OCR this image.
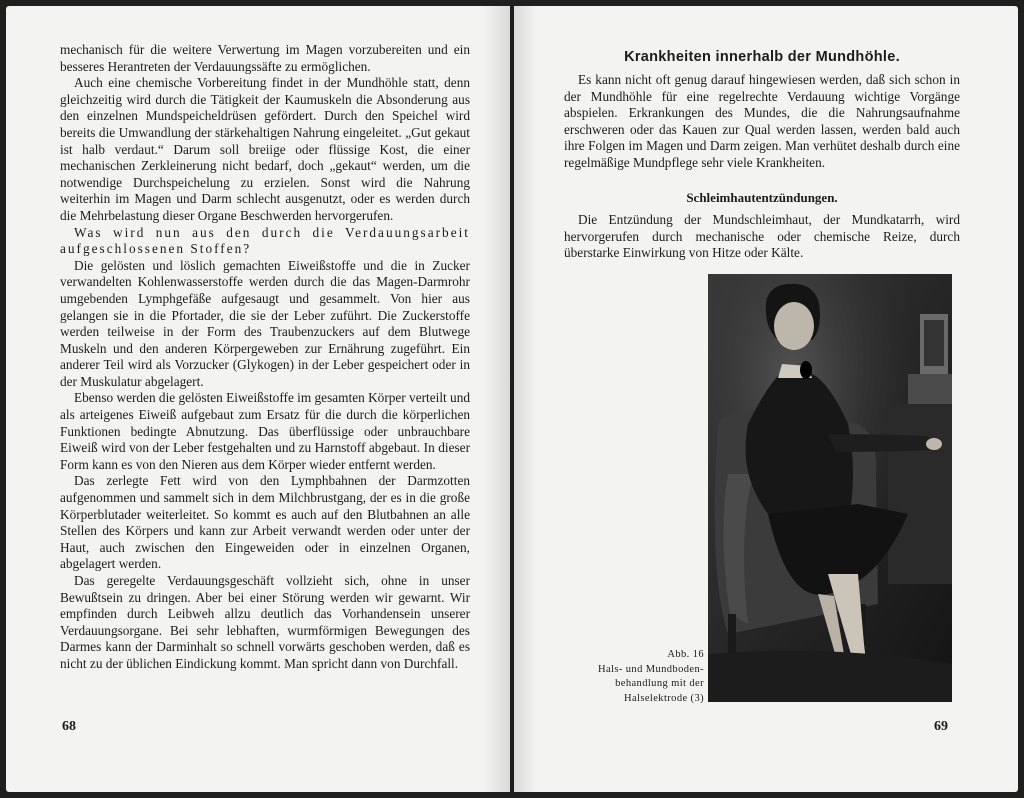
mechanisch für die weitere Verwertung im Magen vorzubereiten und ein besseres Herantreten der Verdauungssäfte zu ermöglichen.

Auch eine chemische Vorbereitung findet in der Mundhöhle statt, denn gleichzeitig wird durch die Tätigkeit der Kaumuskeln die Absonderung aus den einzelnen Mundspeicheldrüsen gefördert. Durch den Speichel wird bereits die Umwandlung der stärkehaltigen Nahrung eingeleitet. „Gut gekaut ist halb verdaut.“ Darum soll breiige oder flüssige Kost, die einer mechanischen Zerkleinerung nicht bedarf, doch „gekaut“ werden, um die notwendige Durchspeichelung zu erzielen. Sonst wird die Nahrung weiterhin im Magen und Darm schlecht ausgenutzt, oder es werden durch die Mehrbelastung dieser Organe Beschwerden hervorgerufen.

Was wird nun aus den durch die Verdauungsarbeit aufgeschlossenen Stoffen?

Die gelösten und löslich gemachten Eiweißstoffe und die in Zucker verwandelten Kohlenwasserstoffe werden durch die das Magen-Darmrohr umgebenden Lymphgefäße aufgesaugt und gesammelt. Von hier aus gelangen sie in die Pfortader, die sie der Leber zuführt. Die Zuckerstoffe werden teilweise in der Form des Traubenzuckers auf dem Blutwege Muskeln und den anderen Körpergeweben zur Ernährung zugeführt. Ein anderer Teil wird als Vorzucker (Glykogen) in der Leber gespeichert oder in der Muskulatur abgelagert.

Ebenso werden die gelösten Eiweißstoffe im gesamten Körper verteilt und als arteigenes Eiweiß aufgebaut zum Ersatz für die durch die körperlichen Funktionen bedingte Abnutzung. Das überflüssige oder unbrauchbare Eiweiß wird von der Leber festgehalten und zu Harnstoff abgebaut. In dieser Form kann es von den Nieren aus dem Körper wieder entfernt werden.

Das zerlegte Fett wird von den Lymphbahnen der Darmzotten aufgenommen und sammelt sich in dem Milchbrustgang, der es in die große Körperblutader weiterleitet. So kommt es auch auf den Blutbahnen an alle Stellen des Körpers und kann zur Arbeit verwandt werden oder unter der Haut, auch zwischen den Eingeweiden oder in einzelnen Organen, abgelagert werden.

Das geregelte Verdauungsgeschäft vollzieht sich, ohne in unser Bewußtsein zu dringen. Aber bei einer Störung werden wir gewarnt. Wir empfinden durch Leibweh allzu deutlich das Vorhandensein unserer Verdauungsorgane. Bei sehr lebhaften, wurmförmigen Bewegungen des Darmes kann der Darminhalt so schnell vorwärts geschoben werden, daß es nicht zu der üblichen Eindickung kommt. Man spricht dann von Durchfall.

68
Krankheiten innerhalb der Mundhöhle.

Es kann nicht oft genug darauf hingewiesen werden, daß sich schon in der Mundhöhle für eine regelrechte Verdauung wichtige Vorgänge abspielen. Erkrankungen des Mundes, die die Nahrungsaufnahme erschweren oder das Kauen zur Qual werden lassen, werden bald auch ihre Folgen im Magen und Darm zeigen. Man verhütet deshalb durch eine regelmäßige Mundpflege sehr viele Krankheiten.

Schleimhautentzündungen.

Die Entzündung der Mundschleimhaut, der Mundkatarrh, wird hervorgerufen durch mechanische oder chemische Reize, durch überstarke Einwirkung von Hitze oder Kälte.

Abb. 16
Hals- und Mundboden-
behandlung mit der
Halselektrode (3)
69
